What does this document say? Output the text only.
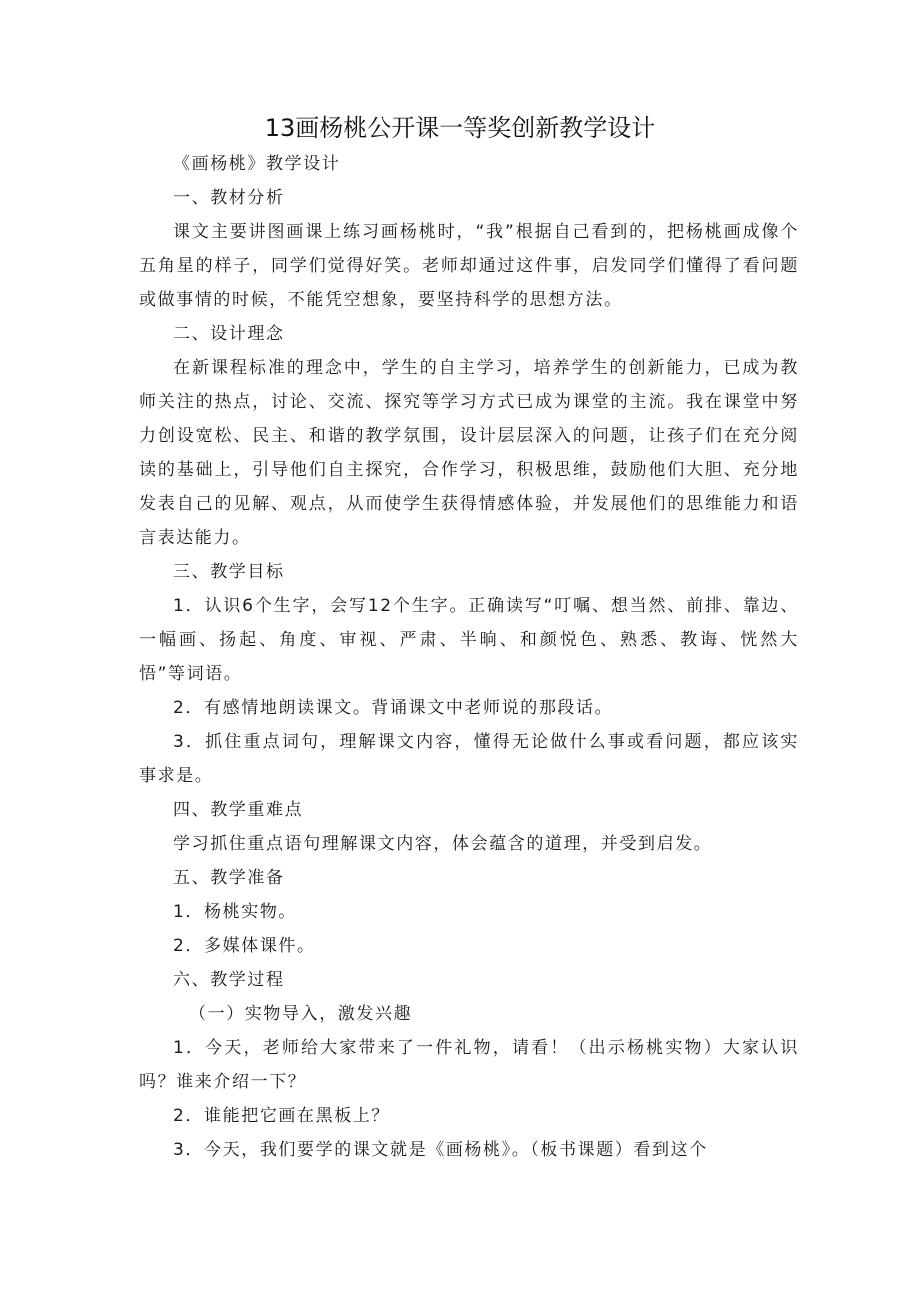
13画杨桃公开课一等奖创新教学设计

《画杨桃》教学设计

一、教材分析

课文主要讲图画课上练习画杨桃时，“我”根据自己看到的，把杨桃画成像个五角星的样子，同学们觉得好笑。老师却通过这件事，启发同学们懂得了看问题或做事情的时候，不能凭空想象，要坚持科学的思想方法。

二、设计理念

在新课程标准的理念中，学生的自主学习，培养学生的创新能力，已成为教师关注的热点，讨论、交流、探究等学习方式已成为课堂的主流。我在课堂中努力创设宽松、民主、和谐的教学氛围，设计层层深入的问题，让孩子们在充分阅读的基础上，引导他们自主探究，合作学习，积极思维，鼓励他们大胆、充分地发表自己的见解、观点，从而使学生获得情感体验，并发展他们的思维能力和语言表达能力。

三、教学目标

1．认识6个生字，会写12个生字。正确读写“叮嘱、想当然、前排、靠边、一幅画、扬起、角度、审视、严肃、半晌、和颜悦色、熟悉、教诲、恍然大悟”等词语。

2．有感情地朗读课文。背诵课文中老师说的那段话。

3．抓住重点词句，理解课文内容，懂得无论做什么事或看问题，都应该实事求是。

四、教学重难点

学习抓住重点语句理解课文内容，体会蕴含的道理，并受到启发。

五、教学准备

1．杨桃实物。

2．多媒体课件。

六、教学过程

（一）实物导入，激发兴趣

1．今天，老师给大家带来了一件礼物，请看！（出示杨桃实物）大家认识吗？谁来介绍一下？

2．谁能把它画在黑板上？

3．今天，我们要学的课文就是《画杨桃》。（板书课题）看到这个
